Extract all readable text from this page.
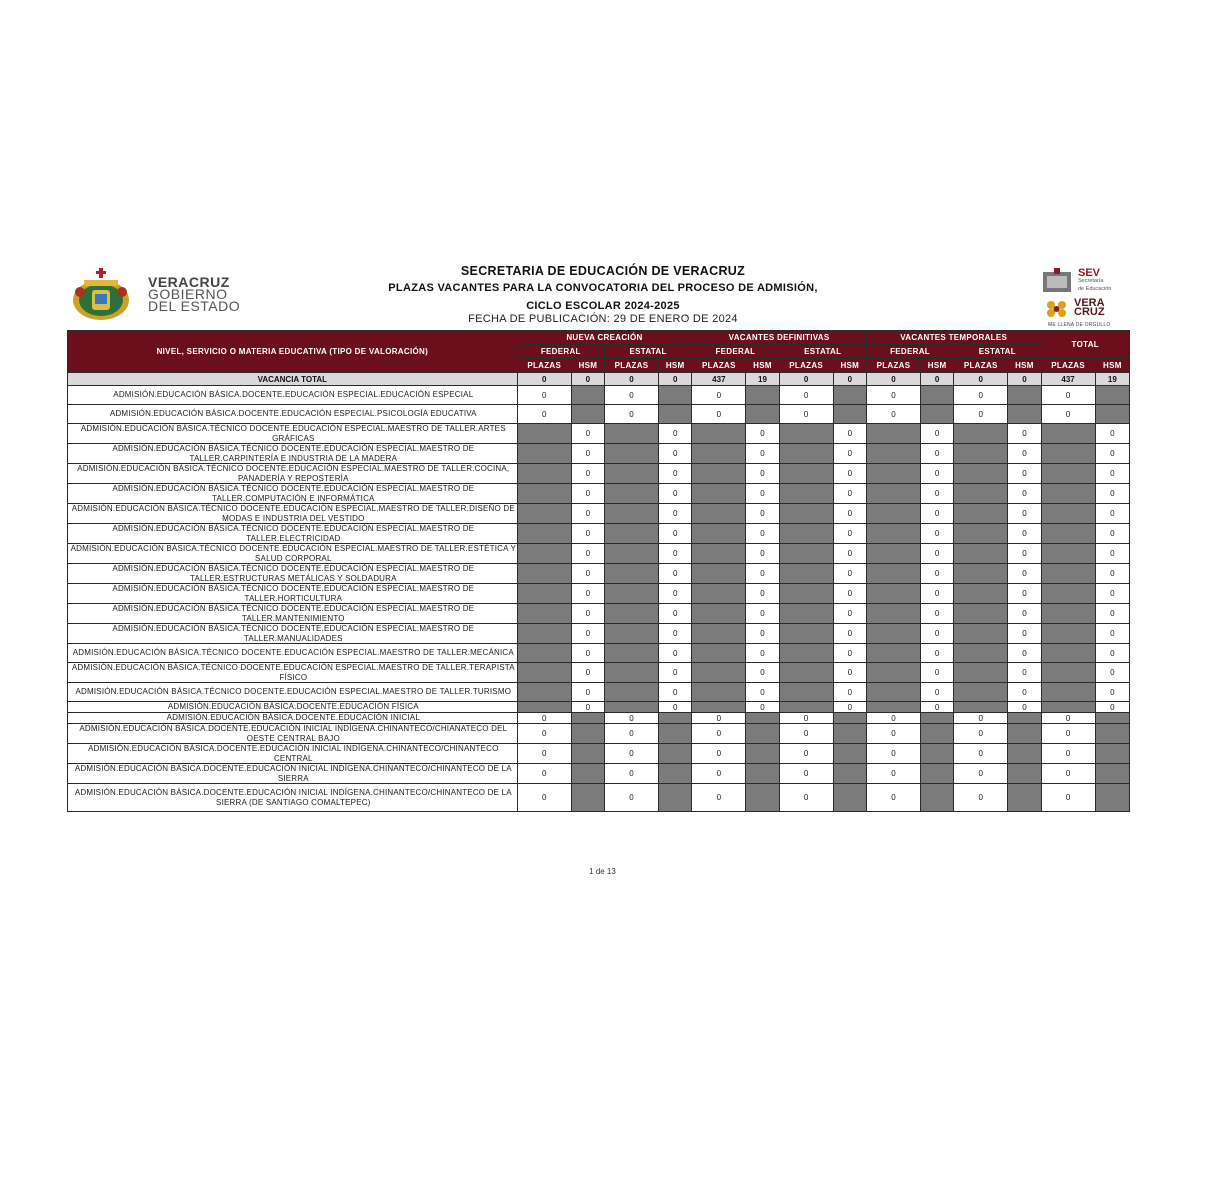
VERACRUZ
GOBIERNO
DEL ESTADO
SECRETARIA DE EDUCACIÓN DE VERACRUZ
PLAZAS VACANTES PARA LA CONVOCATORIA DEL PROCESO DE ADMISIÓN,
CICLO ESCOLAR 2024-2025
FECHA DE PUBLICACIÓN: 29 DE ENERO DE 2024
SEV
Secretaría
de Educación
VERA
CRUZ
ME LLENA DE ORGULLO
NIVEL, SERVICIO O MATERIA EDUCATIVA (TIPO DE VALORACIÓN)	NUEVA CREACIÓN				VACANTES DEFINITIVAS				VACANTES TEMPORALES				TOTAL	
	FEDERAL		ESTATAL		FEDERAL		ESTATAL		FEDERAL		ESTATAL			
	PLAZAS	HSM	PLAZAS	HSM	PLAZAS	HSM	PLAZAS	HSM	PLAZAS	HSM	PLAZAS	HSM	PLAZAS	HSM
VACANCIA TOTAL	0	0	0	0	437	19	0	0	0	0	0	0	437	19
ADMISIÓN.EDUCACIÓN BÁSICA.DOCENTE.EDUCACIÓN ESPECIAL.EDUCACIÓN ESPECIAL	0		0		0		0		0		0		0	
ADMISIÓN.EDUCACIÓN BÁSICA.DOCENTE.EDUCACIÓN ESPECIAL.PSICOLOGÍA EDUCATIVA	0		0		0		0		0		0		0	
ADMISIÓN.EDUCACIÓN BÁSICA.TÉCNICO DOCENTE.EDUCACIÓN ESPECIAL.MAESTRO DE TALLER.ARTES GRÁFICAS		0		0		0		0		0		0		0
ADMISIÓN.EDUCACIÓN BÁSICA.TÉCNICO DOCENTE.EDUCACIÓN ESPECIAL.MAESTRO DE TALLER.CARPINTERÍA E INDUSTRIA DE LA MADERA		0		0		0		0		0		0		0
ADMISIÓN.EDUCACIÓN BÁSICA.TÉCNICO DOCENTE.EDUCACIÓN ESPECIAL.MAESTRO DE TALLER.COCINA, PANADERÍA Y REPOSTERÍA		0		0		0		0		0		0		0
ADMISIÓN.EDUCACIÓN BÁSICA.TÉCNICO DOCENTE.EDUCACIÓN ESPECIAL.MAESTRO DE TALLER.COMPUTACIÓN E INFORMÁTICA		0		0		0		0		0		0		0
ADMISIÓN.EDUCACIÓN BÁSICA.TÉCNICO DOCENTE.EDUCACIÓN ESPECIAL.MAESTRO DE TALLER.DISEÑO DE MODAS E INDUSTRIA DEL VESTIDO		0		0		0		0		0		0		0
ADMISIÓN.EDUCACIÓN BÁSICA.TÉCNICO DOCENTE.EDUCACIÓN ESPECIAL.MAESTRO DE TALLER.ELECTRICIDAD		0		0		0		0		0		0		0
ADMISIÓN.EDUCACIÓN BÁSICA.TÉCNICO DOCENTE.EDUCACIÓN ESPECIAL.MAESTRO DE TALLER.ESTÉTICA Y SALUD CORPORAL		0		0		0		0		0		0		0
ADMISIÓN.EDUCACIÓN BÁSICA.TÉCNICO DOCENTE.EDUCACIÓN ESPECIAL.MAESTRO DE TALLER.ESTRUCTURAS METÁLICAS Y SOLDADURA		0		0		0		0		0		0		0
ADMISIÓN.EDUCACIÓN BÁSICA.TÉCNICO DOCENTE.EDUCACIÓN ESPECIAL.MAESTRO DE TALLER.HORTICULTURA		0		0		0		0		0		0		0
ADMISIÓN.EDUCACIÓN BÁSICA.TÉCNICO DOCENTE.EDUCACIÓN ESPECIAL.MAESTRO DE TALLER.MANTENIMIENTO		0		0		0		0		0		0		0
ADMISIÓN.EDUCACIÓN BÁSICA.TÉCNICO DOCENTE.EDUCACIÓN ESPECIAL.MAESTRO DE TALLER.MANUALIDADES		0		0		0		0		0		0		0
ADMISIÓN.EDUCACIÓN BÁSICA.TÉCNICO DOCENTE.EDUCACIÓN ESPECIAL.MAESTRO DE TALLER.MECÁNICA		0		0		0		0		0		0		0
ADMISIÓN.EDUCACIÓN BÁSICA.TÉCNICO DOCENTE.EDUCACIÓN ESPECIAL.MAESTRO DE TALLER.TERAPISTA FÍSICO		0		0		0		0		0		0		0
ADMISIÓN.EDUCACIÓN BÁSICA.TÉCNICO DOCENTE.EDUCACIÓN ESPECIAL.MAESTRO DE TALLER.TURISMO		0		0		0		0		0		0		0
ADMISIÓN.EDUCACIÓN BÁSICA.DOCENTE.EDUCACIÓN FÍSICA		0		0		0		0		0		0		0
ADMISIÓN.EDUCACIÓN BÁSICA.DOCENTE.EDUCACIÓN INICIAL	0		0		0		0		0		0		0	
ADMISIÓN.EDUCACIÓN BÁSICA.DOCENTE.EDUCACIÓN INICIAL INDÍGENA.CHINANTECO/CHIANATECO DEL OESTE CENTRAL BAJO	0		0		0		0		0		0		0	
ADMISIÓN.EDUCACIÓN BÁSICA.DOCENTE.EDUCACIÓN INICIAL INDÍGENA.CHINANTECO/CHINANTECO CENTRAL	0		0		0		0		0		0		0	
ADMISIÓN.EDUCACIÓN BÁSICA.DOCENTE.EDUCACIÓN INICIAL INDÍGENA.CHINANTECO/CHINANTECO DE LA SIERRA	0		0		0		0		0		0		0	
ADMISIÓN.EDUCACIÓN BÁSICA.DOCENTE.EDUCACIÓN INICIAL INDÍGENA.CHINANTECO/CHINANTECO DE LA SIERRA (DE SANTIAGO COMALTEPEC)	0		0		0		0		0		0		0	
1 de 13
